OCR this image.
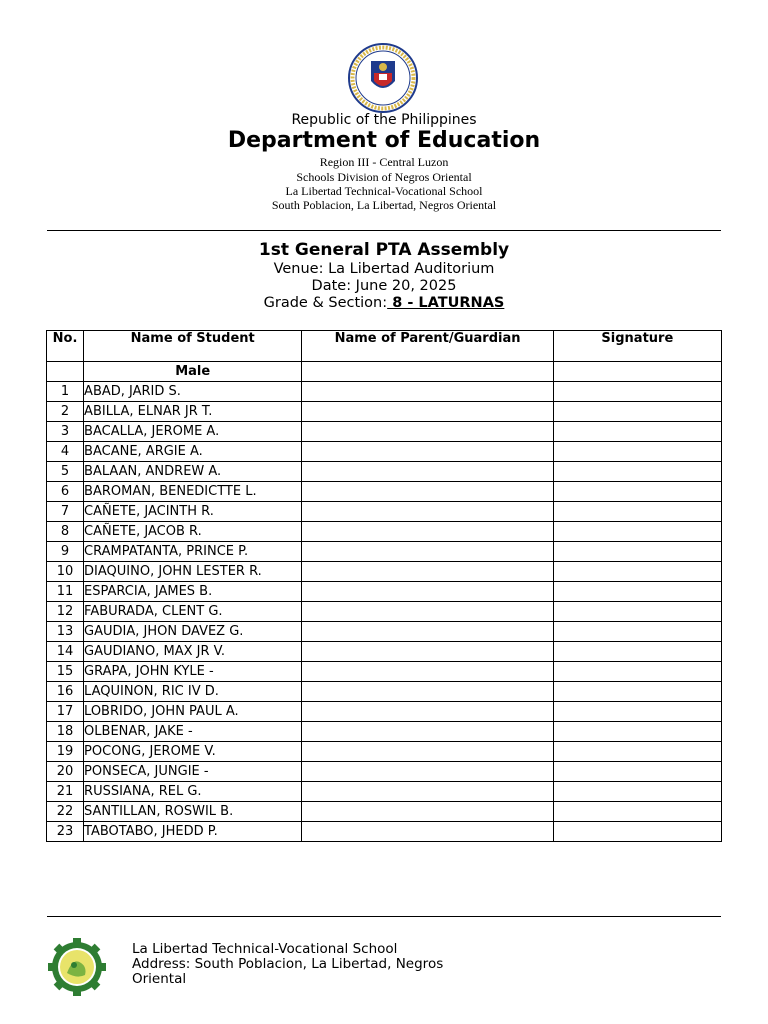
Republic of the Philippines
Department of Education
Region III - Central Luzon
Schools Division of Negros Oriental
La Libertad Technical-Vocational School
South Poblacion, La Libertad, Negros Oriental
1st General PTA Assembly
Venue: La Libertad Auditorium
Date: June 20, 2025
Grade & Section: 8 - LATURNAS
No.	Name of Student	Name of Parent/Guardian	Signature
	Male		
1	ABAD, JARID S.		
2	ABILLA, ELNAR JR T.		
3	BACALLA, JEROME A.		
4	BACANE, ARGIE A.		
5	BALAAN, ANDREW A.		
6	BAROMAN, BENEDICTTE L.		
7	CAÑETE, JACINTH R.		
8	CAÑETE, JACOB R.		
9	CRAMPATANTA, PRINCE P.		
10	DIAQUINO, JOHN LESTER R.		
11	ESPARCIA, JAMES B.		
12	FABURADA, CLENT G.		
13	GAUDIA, JHON DAVEZ G.		
14	GAUDIANO, MAX JR V.		
15	GRAPA, JOHN KYLE -		
16	LAQUINON, RIC IV D.		
17	LOBRIDO, JOHN PAUL A.		
18	OLBENAR, JAKE -		
19	POCONG, JEROME V.		
20	PONSECA, JUNGIE -		
21	RUSSIANA, REL G.		
22	SANTILLAN, ROSWIL B.		
23	TABOTABO, JHEDD P.		
La Libertad Technical-Vocational School
Address: South Poblacion, La Libertad, Negros Oriental
